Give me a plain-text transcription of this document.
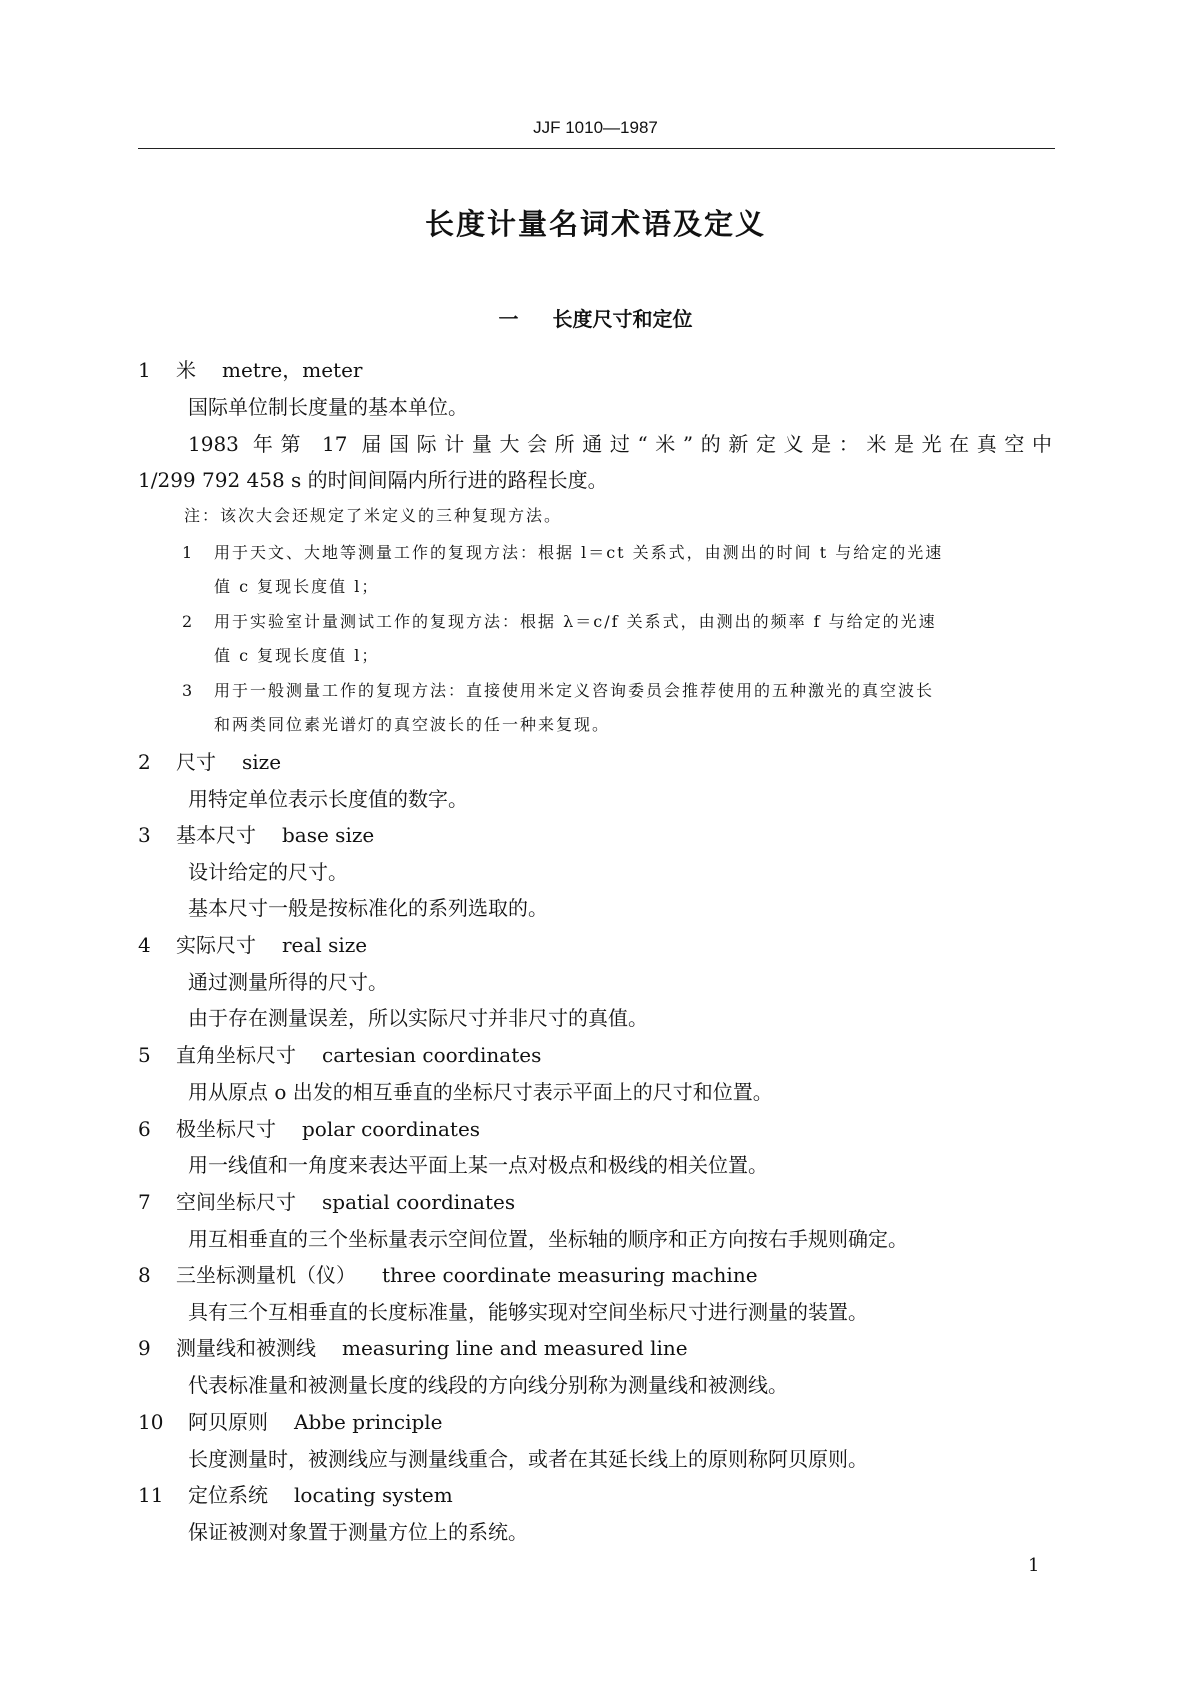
JJF 1010—1987
长度计量名词术语及定义
一 长度尺寸和定位
1 米 metre，meter
国际单位制长度量的基本单位。
1983 年第 17 届国际计量大会所通过“米”的新定义是：米是光在真空中
1/299 792 458 s 的时间间隔内所行进的路程长度。
注：该次大会还规定了米定义的三种复现方法。
1 用于天文、大地等测量工作的复现方法：根据 l＝ct 关系式，由测出的时间 t 与给定的光速
值 c 复现长度值 l；
2 用于实验室计量测试工作的复现方法：根据 λ＝c/f 关系式，由测出的频率 f 与给定的光速
值 c 复现长度值 l；
3 用于一般测量工作的复现方法：直接使用米定义咨询委员会推荐使用的五种激光的真空波长
和两类同位素光谱灯的真空波长的任一种来复现。
2 尺寸 size
用特定单位表示长度值的数字。
3 基本尺寸 base size
设计给定的尺寸。
基本尺寸一般是按标准化的系列选取的。
4 实际尺寸 real size
通过测量所得的尺寸。
由于存在测量误差，所以实际尺寸并非尺寸的真值。
5 直角坐标尺寸 cartesian coordinates
用从原点 o 出发的相互垂直的坐标尺寸表示平面上的尺寸和位置。
6 极坐标尺寸 polar coordinates
用一线值和一角度来表达平面上某一点对极点和极线的相关位置。
7 空间坐标尺寸 spatial coordinates
用互相垂直的三个坐标量表示空间位置，坐标轴的顺序和正方向按右手规则确定。
8 三坐标测量机（仪） three coordinate measuring machine
具有三个互相垂直的长度标准量，能够实现对空间坐标尺寸进行测量的装置。
9 测量线和被测线 measuring line and measured line
代表标准量和被测量长度的线段的方向线分别称为测量线和被测线。
10 阿贝原则 Abbe principle
长度测量时，被测线应与测量线重合，或者在其延长线上的原则称阿贝原则。
11 定位系统 locating system
保证被测对象置于测量方位上的系统。
1
